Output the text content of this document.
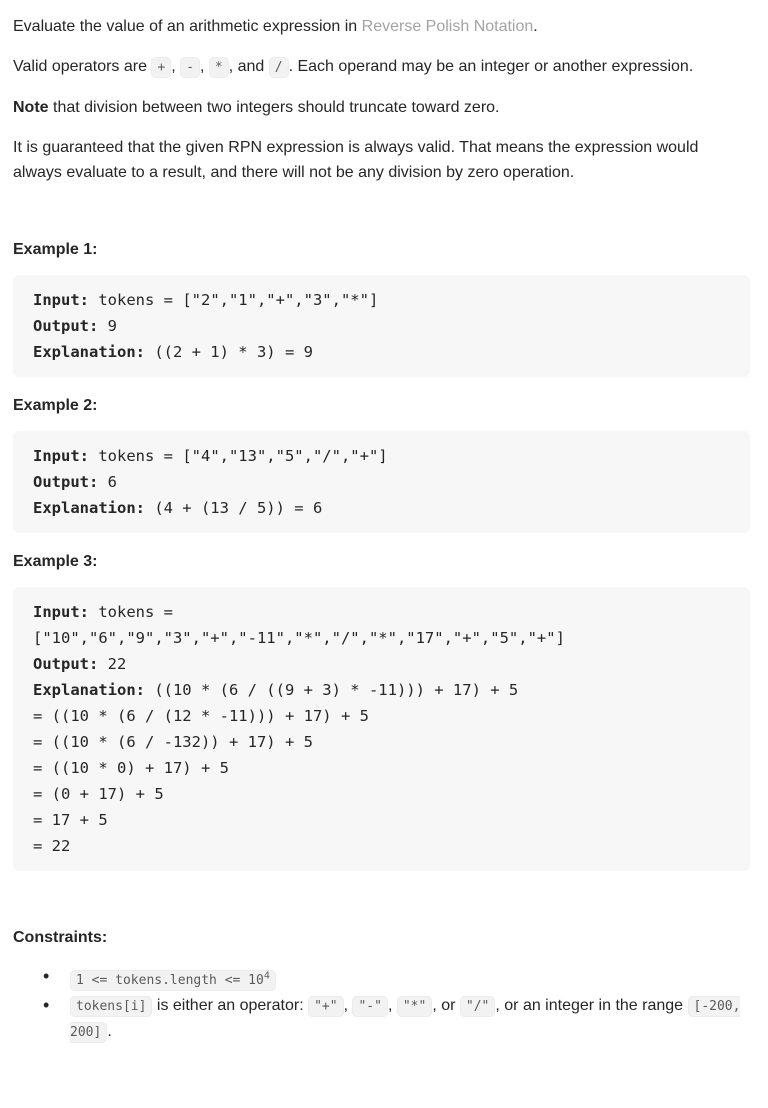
Evaluate the value of an arithmetic expression in Reverse Polish Notation.

Valid operators are + , - , * , and / . Each operand may be an integer or another expression.

Note that division between two integers should truncate toward zero.

It is guaranteed that the given RPN expression is always valid. That means the expression would always evaluate to a result, and there will not be any division by zero operation.

Example 1:
Input: tokens = ["2","1","+","3","*"]
Output: 9
Explanation: ((2 + 1) * 3) = 9
Example 2:
Input: tokens = ["4","13","5","/","+"]
Output: 6
Explanation: (4 + (13 / 5)) = 6
Example 3:
Input: tokens =
["10","6","9","3","+","-11","*","/","*","17","+","5","+"]
Output: 22
Explanation: ((10 * (6 / ((9 + 3) * -11))) + 17) + 5
= ((10 * (6 / (12 * -11))) + 17) + 5
= ((10 * (6 / -132)) + 17) + 5
= ((10 * 0) + 17) + 5
= (0 + 17) + 5
= 17 + 5
= 22
Constraints:
• 1 <= tokens.length <= $10^4$
• tokens[i] is either an operator: "+" , "-" , "*" , or "/" , or an integer in the range [-200, 200] .
